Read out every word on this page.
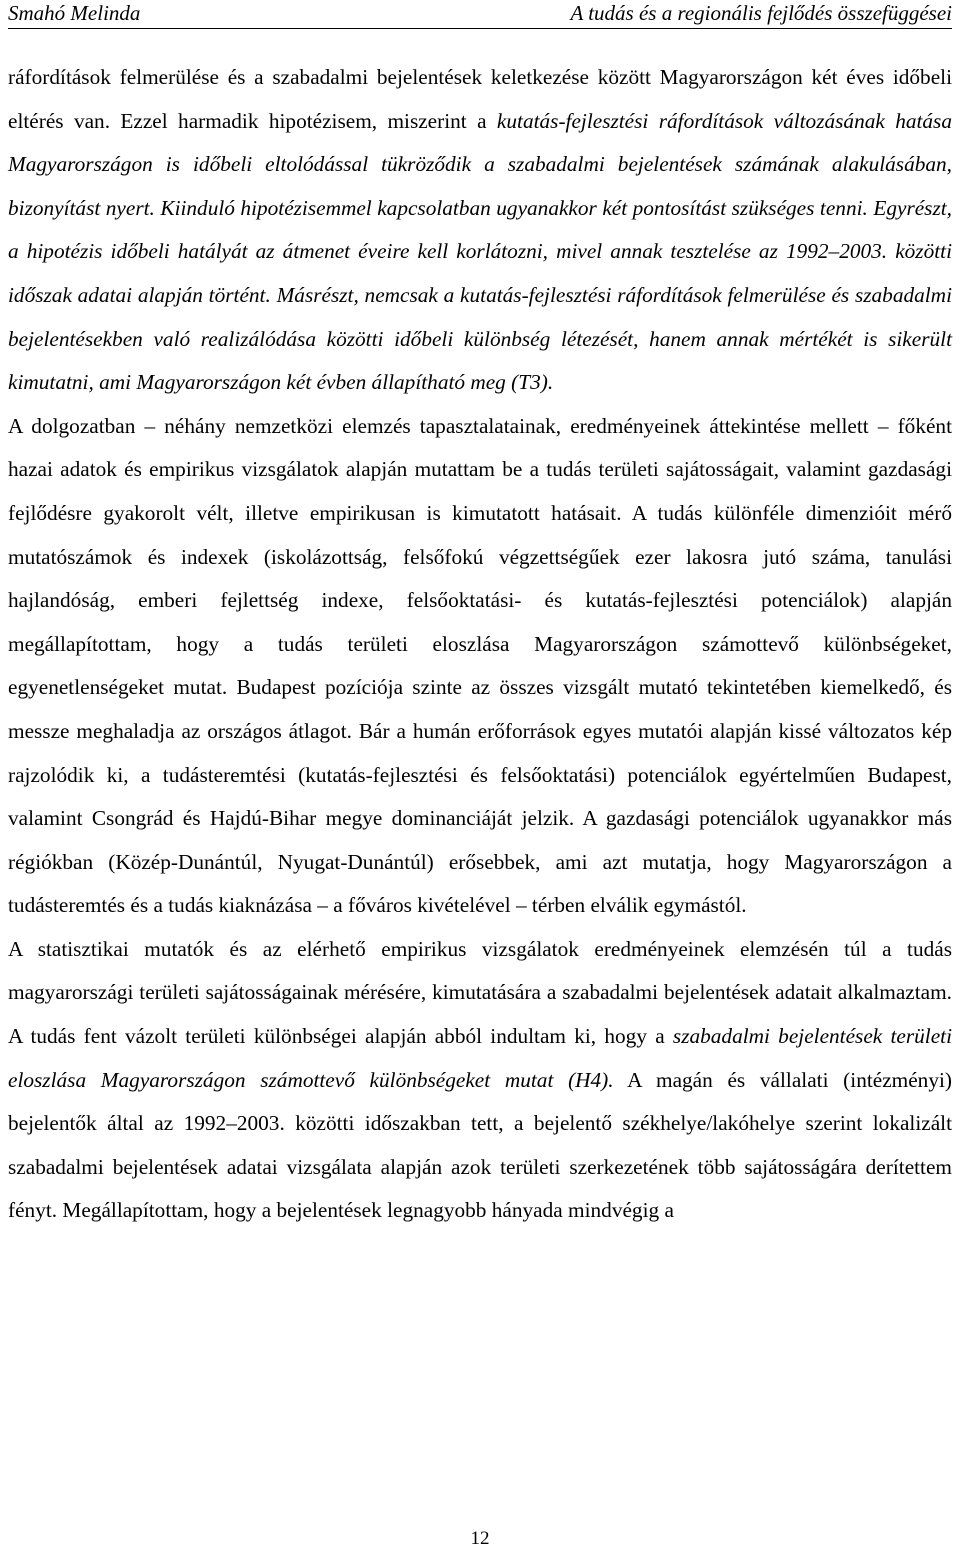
Smahó Melinda	A tudás és a regionális fejlődés összefüggései

ráfordítások felmerülése és a szabadalmi bejelentések keletkezése között Magyarországon két éves időbeli eltérés van. Ezzel harmadik hipotézisem, miszerint a kutatás-fejlesztési ráfordítások változásának hatása Magyarországon is időbeli eltolódással tükröződik a szabadalmi bejelentések számának alakulásában, bizonyítást nyert. Kiinduló hipotézisemmel kapcsolatban ugyanakkor két pontosítást szükséges tenni. Egyrészt, a hipotézis időbeli hatályát az átmenet éveire kell korlátozni, mivel annak tesztelése az 1992–2003. közötti időszak adatai alapján történt. Másrészt, nemcsak a kutatás-fejlesztési ráfordítások felmerülése és szabadalmi bejelentésekben való realizálódása közötti időbeli különbség létezését, hanem annak mértékét is sikerült kimutatni, ami Magyarországon két évben állapítható meg (T3).

A dolgozatban – néhány nemzetközi elemzés tapasztalatainak, eredményeinek áttekintése mellett – főként hazai adatok és empirikus vizsgálatok alapján mutattam be a tudás területi sajátosságait, valamint gazdasági fejlődésre gyakorolt vélt, illetve empirikusan is kimutatott hatásait. A tudás különféle dimenzióit mérő mutatószámok és indexek (iskolázottság, felsőfokú végzettségűek ezer lakosra jutó száma, tanulási hajlandóság, emberi fejlettség indexe, felsőoktatási- és kutatás-fejlesztési potenciálok) alapján megállapítottam, hogy a tudás területi eloszlása Magyarországon számottevő különbségeket, egyenetlenségeket mutat. Budapest pozíciója szinte az összes vizsgált mutató tekintetében kiemelkedő, és messze meghaladja az országos átlagot. Bár a humán erőforrások egyes mutatói alapján kissé változatos kép rajzolódik ki, a tudásteremtési (kutatás-fejlesztési és felsőoktatási) potenciálok egyértelműen Budapest, valamint Csongrád és Hajdú-Bihar megye dominanciáját jelzik. A gazdasági potenciálok ugyanakkor más régiókban (Közép-Dunántúl, Nyugat-Dunántúl) erősebbek, ami azt mutatja, hogy Magyarországon a tudásteremtés és a tudás kiaknázása – a főváros kivételével – térben elválik egymástól.

A statisztikai mutatók és az elérhető empirikus vizsgálatok eredményeinek elemzésén túl a tudás magyarországi területi sajátosságainak mérésére, kimutatására a szabadalmi bejelentések adatait alkalmaztam. A tudás fent vázolt területi különbségei alapján abból indultam ki, hogy a szabadalmi bejelentések területi eloszlása Magyarországon számottevő különbségeket mutat (H4). A magán és vállalati (intézményi) bejelentők által az 1992–2003. közötti időszakban tett, a bejelentő székhelye/lakóhelye szerint lokalizált szabadalmi bejelentések adatai vizsgálata alapján azok területi szerkezetének több sajátosságára derítettem fényt. Megállapítottam, hogy a bejelentések legnagyobb hányada mindvégig a

12
